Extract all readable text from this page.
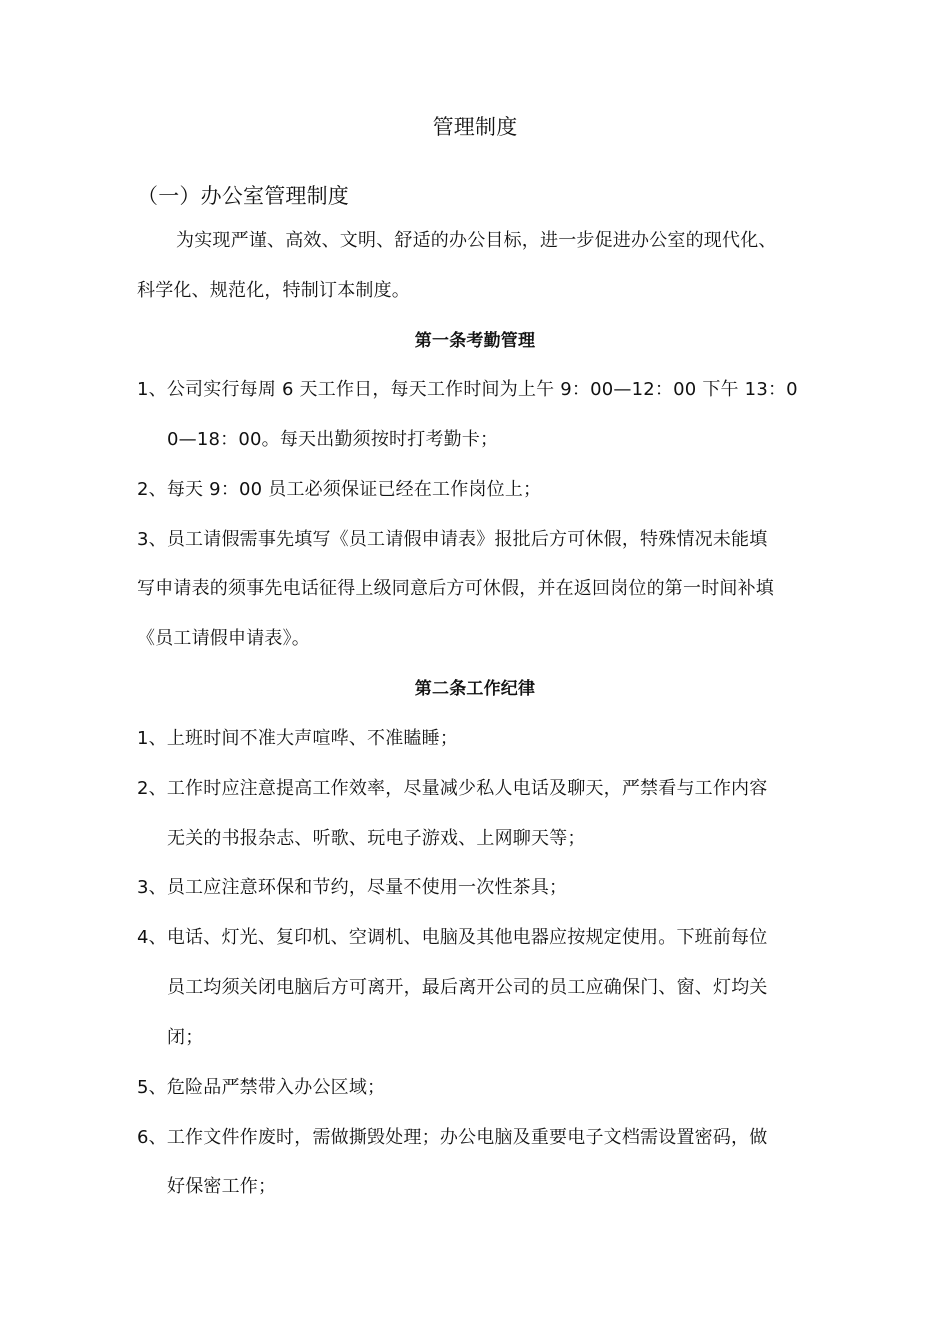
管理制度
（一）办公室管理制度
为实现严谨、高效、文明、舒适的办公目标，进一步促进办公室的现代化、
科学化、规范化，特制订本制度。
第一条考勤管理
1、公司实行每周 6 天工作日，每天工作时间为上午 9：00—12：00 下午 13：0
0—18：00。每天出勤须按时打考勤卡；
2、每天 9：00 员工必须保证已经在工作岗位上；
3、员工请假需事先填写《员工请假申请表》报批后方可休假，特殊情况未能填
写申请表的须事先电话征得上级同意后方可休假，并在返回岗位的第一时间补填
《员工请假申请表》。
第二条工作纪律
1、上班时间不准大声喧哗、不准瞌睡；
2、工作时应注意提高工作效率，尽量减少私人电话及聊天，严禁看与工作内容
无关的书报杂志、听歌、玩电子游戏、上网聊天等；
3、员工应注意环保和节约，尽量不使用一次性茶具；
4、电话、灯光、复印机、空调机、电脑及其他电器应按规定使用。下班前每位
员工均须关闭电脑后方可离开，最后离开公司的员工应确保门、窗、灯均关
闭；
5、危险品严禁带入办公区域；
6、工作文件作废时，需做撕毁处理；办公电脑及重要电子文档需设置密码，做
好保密工作；
